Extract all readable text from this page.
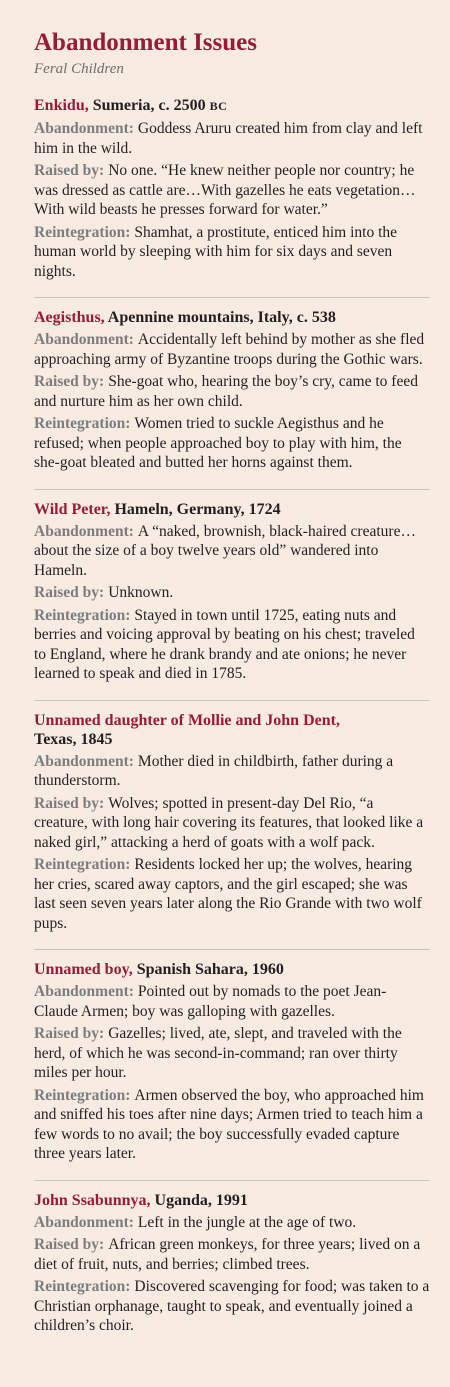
Abandonment Issues
Feral Children
Enkidu, Sumeria, c. 2500 BC
Abandonment: Goddess Aruru created him from clay and left him in the wild.
Raised by: No one. “He knew neither people nor country; he was dressed as cattle are…With gazelles he eats vegetation…With wild beasts he presses forward for water.”
Reintegration: Shamhat, a prostitute, enticed him into the human world by sleeping with him for six days and seven nights.
Aegisthus, Apennine mountains, Italy, c. 538
Abandonment: Accidentally left behind by mother as she fled approaching army of Byzantine troops during the Gothic wars.
Raised by: She-goat who, hearing the boy’s cry, came to feed and nurture him as her own child.
Reintegration: Women tried to suckle Aegisthus and he refused; when people approached boy to play with him, the she-goat bleated and butted her horns against them.
Wild Peter, Hameln, Germany, 1724
Abandonment: A “naked, brownish, black-haired creature…about the size of a boy twelve years old” wandered into Hameln.
Raised by: Unknown.
Reintegration: Stayed in town until 1725, eating nuts and berries and voicing approval by beating on his chest; traveled to England, where he drank brandy and ate onions; he never learned to speak and died in 1785.
Unnamed daughter of Mollie and John Dent,
Texas, 1845
Abandonment: Mother died in childbirth, father during a thunderstorm.
Raised by: Wolves; spotted in present-day Del Rio, “a creature, with long hair covering its features, that looked like a naked girl,” attacking a herd of goats with a wolf pack.
Reintegration: Residents locked her up; the wolves, hearing her cries, scared away captors, and the girl escaped; she was last seen seven years later along the Rio Grande with two wolf pups.
Unnamed boy, Spanish Sahara, 1960
Abandonment: Pointed out by nomads to the poet Jean-Claude Armen; boy was galloping with gazelles.
Raised by: Gazelles; lived, ate, slept, and traveled with the herd, of which he was second-in-command; ran over thirty miles per hour.
Reintegration: Armen observed the boy, who approached him and sniffed his toes after nine days; Armen tried to teach him a few words to no avail; the boy successfully evaded capture three years later.
John Ssabunnya, Uganda, 1991
Abandonment: Left in the jungle at the age of two.
Raised by: African green monkeys, for three years; lived on a diet of fruit, nuts, and berries; climbed trees.
Reintegration: Discovered scavenging for food; was taken to a Christian orphanage, taught to speak, and eventually joined a children’s choir.
